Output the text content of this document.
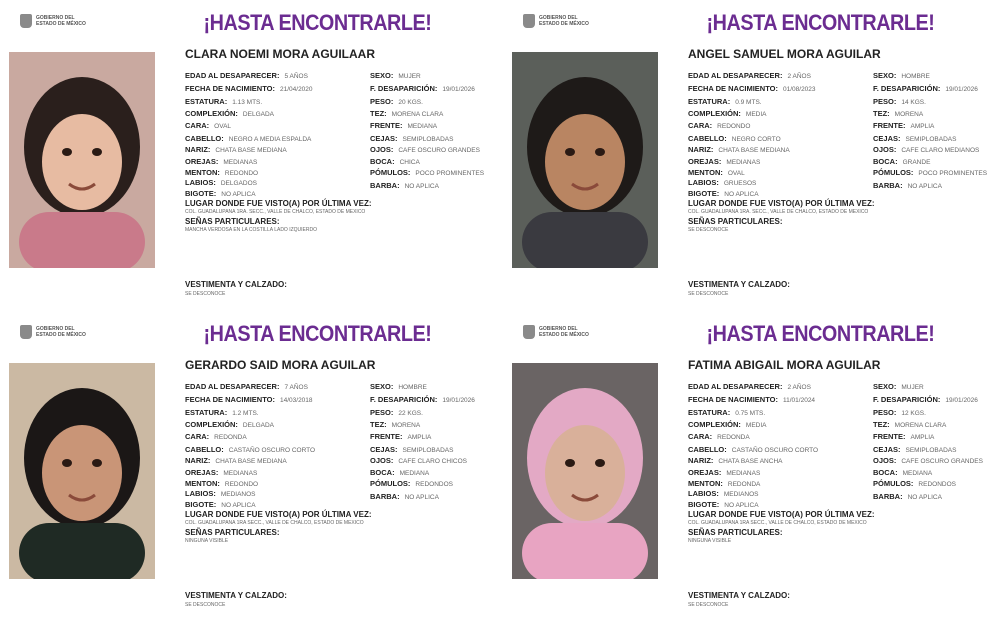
GOBIERNO DEL
ESTADO DE MÉXICO	¡HASTA ENCONTRARLE!
CLARA NOEMI MORA AGUILAAR
EDAD AL DESAPARECER: 5 AÑOS
FECHA DE NACIMIENTO: 21/04/2020
ESTATURA: 1.13 MTS.
COMPLEXIÓN: DELGADA
CARA: OVAL
CABELLO: NEGRO A MEDIA ESPALDA
NARIZ: CHATA BASE MEDIANA
OREJAS: MEDIANAS
MENTON: REDONDO
LABIOS: DELGADOS
BIGOTE: NO APLICA
SEXO: MUJER
F. DESAPARICIÓN: 19/01/2026
PESO: 20 KGS.
TEZ: MORENA CLARA
FRENTE: MEDIANA
CEJAS: SEMIPLOBADAS
OJOS: CAFE OSCURO GRANDES
BOCA: CHICA
PÓMULOS: POCO PROMINENTES
BARBA: NO APLICA
LUGAR DONDE FUE VISTO(A) POR ÚLTIMA VEZ:
COL. GUADALUPANA 1RA. SECC., VALLE DE CHALCO, ESTADO DE MEXICO
SEÑAS PARTICULARES:
MANCHA VERDOSA EN LA COSTILLA LADO IZQUIERDO
VESTIMENTA Y CALZADO:
SE DESCONOCE
GOBIERNO DEL
ESTADO DE MÉXICO	¡HASTA ENCONTRARLE!
ANGEL SAMUEL MORA AGUILAR
EDAD AL DESAPARECER: 2 AÑOS
FECHA DE NACIMIENTO: 01/08/2023
ESTATURA: 0.9 MTS.
COMPLEXIÓN: MEDIA
CARA: REDONDO
CABELLO: NEGRO CORTO
NARIZ: CHATA BASE MEDIANA
OREJAS: MEDIANAS
MENTON: OVAL
LABIOS: GRUESOS
BIGOTE: NO APLICA
SEXO: HOMBRE
F. DESAPARICIÓN: 19/01/2026
PESO: 14 KGS.
TEZ: MORENA
FRENTE: AMPLIA
CEJAS: SEMIPLOBADAS
OJOS: CAFE CLARO MEDIANOS
BOCA: GRANDE
PÓMULOS: POCO PROMINENTES
BARBA: NO APLICA
LUGAR DONDE FUE VISTO(A) POR ÚLTIMA VEZ:
COL. GUADALUPANA 1RA. SECC., VALLE DE CHALCO, ESTADO DE MEXICO
SEÑAS PARTICULARES:
SE DESCONOCE
VESTIMENTA Y CALZADO:
SE DESCONOCE
GOBIERNO DEL
ESTADO DE MÉXICO	¡HASTA ENCONTRARLE!
GERARDO SAID MORA AGUILAR
EDAD AL DESAPARECER: 7 AÑOS
FECHA DE NACIMIENTO: 14/03/2018
ESTATURA: 1.2 MTS.
COMPLEXIÓN: DELGADA
CARA: REDONDA
CABELLO: CASTAÑO OSCURO CORTO
NARIZ: CHATA BASE MEDIANA
OREJAS: MEDIANAS
MENTON: REDONDO
LABIOS: MEDIANOS
BIGOTE: NO APLICA
SEXO: HOMBRE
F. DESAPARICIÓN: 19/01/2026
PESO: 22 KGS.
TEZ: MORENA
FRENTE: AMPLIA
CEJAS: SEMIPLOBADAS
OJOS: CAFE CLARO CHICOS
BOCA: MEDIANA
PÓMULOS: REDONDOS
BARBA: NO APLICA
LUGAR DONDE FUE VISTO(A) POR ÚLTIMA VEZ:
COL. GUADALUPANA 1RA SECC., VALLE DE CHALCO, ESTADO DE MEXICO
SEÑAS PARTICULARES:
NINGUNA VISIBLE
VESTIMENTA Y CALZADO:
SE DESCONOCE
GOBIERNO DEL
ESTADO DE MÉXICO	¡HASTA ENCONTRARLE!
FATIMA ABIGAIL MORA AGUILAR
EDAD AL DESAPARECER: 2 AÑOS
FECHA DE NACIMIENTO: 11/01/2024
ESTATURA: 0.75 MTS.
COMPLEXIÓN: MEDIA
CARA: REDONDA
CABELLO: CASTAÑO OSCURO CORTO
NARIZ: CHATA BASE ANCHA
OREJAS: MEDIANAS
MENTON: REDONDA
LABIOS: MEDIANOS
BIGOTE: NO APLICA
SEXO: MUJER
F. DESAPARICIÓN: 19/01/2026
PESO: 12 KGS.
TEZ: MORENA CLARA
FRENTE: AMPLIA
CEJAS: SEMIPLOBADAS
OJOS: CAFE OSCURO GRANDES
BOCA: MEDIANA
PÓMULOS: REDONDOS
BARBA: NO APLICA
LUGAR DONDE FUE VISTO(A) POR ÚLTIMA VEZ:
COL. GUADALUPANA 1RA SECC., VALLE DE CHALCO, ESTADO DE MEXICO
SEÑAS PARTICULARES:
NINGUNA VISIBLE
VESTIMENTA Y CALZADO:
SE DESCONOCE
